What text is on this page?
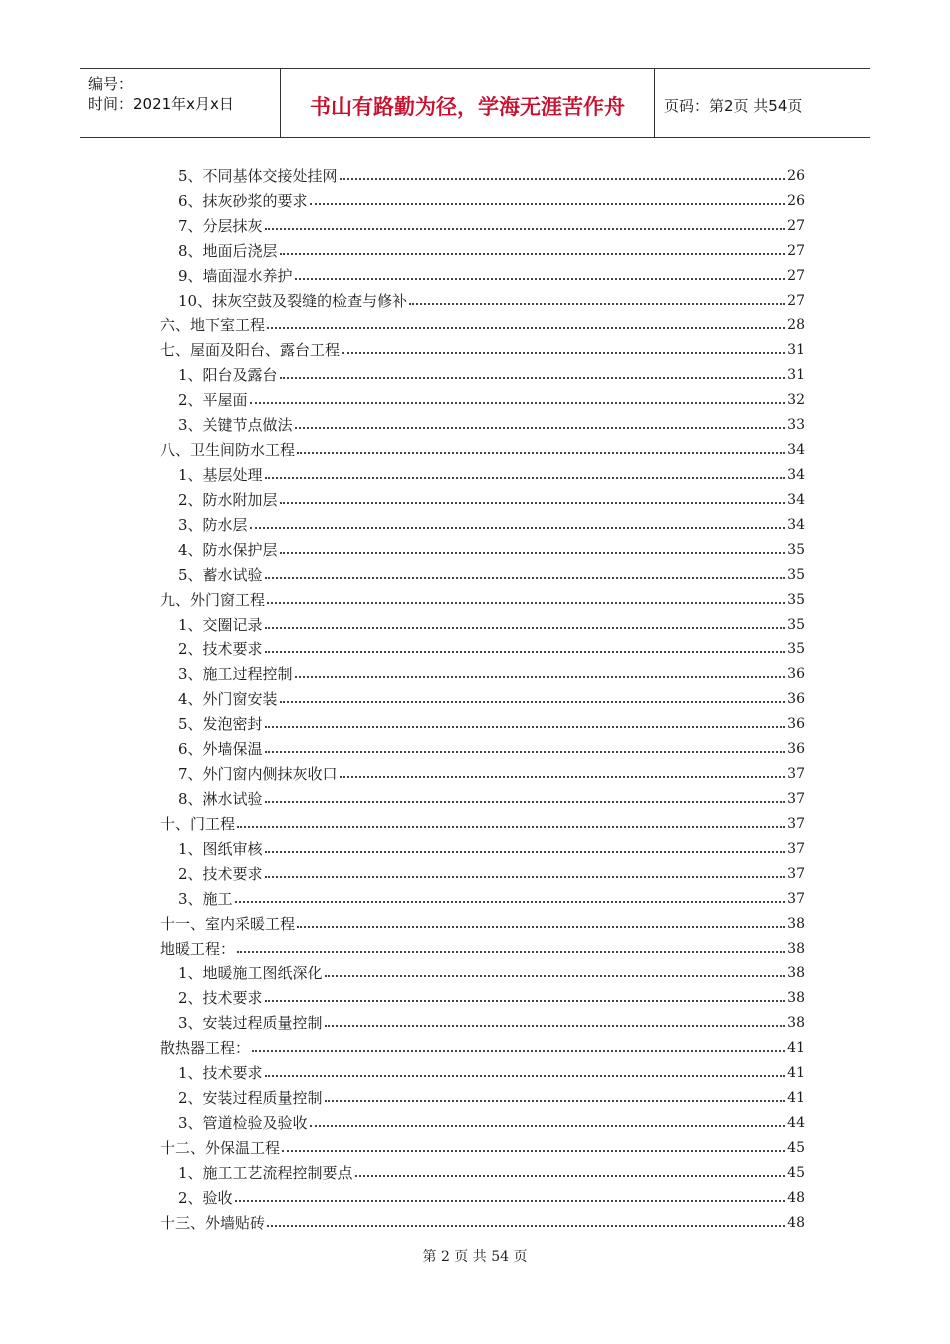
编号：
时间：2021年x月x日	书山有路勤为径，学海无涯苦作舟	页码：第2页 共54页
5、不同基体交接处挂网	26
6、抹灰砂浆的要求	26
7、分层抹灰	27
8、地面后浇层	27
9、墙面湿水养护	27
10、抹灰空鼓及裂缝的检查与修补	27
六、地下室工程	28
七、屋面及阳台、露台工程	31
1、阳台及露台	31
2、平屋面	32
3、关键节点做法	33
八、卫生间防水工程	34
1、基层处理	34
2、防水附加层	34
3、防水层	34
4、防水保护层	35
5、蓄水试验	35
九、外门窗工程	35
1、交圈记录	35
2、技术要求	35
3、施工过程控制	36
4、外门窗安装	36
5、发泡密封	36
6、外墙保温	36
7、外门窗内侧抹灰收口	37
8、淋水试验	37
十、门工程	37
1、图纸审核	37
2、技术要求	37
3、施工	37
十一、室内采暖工程	38
地暖工程：	38
1、地暖施工图纸深化	38
2、技术要求	38
3、安装过程质量控制	38
散热器工程：	41
1、技术要求	41
2、安装过程质量控制	41
3、管道检验及验收	44
十二、外保温工程	45
1、施工工艺流程控制要点	45
2、验收	48
十三、外墙贴砖	48
第 2 页 共 54 页
